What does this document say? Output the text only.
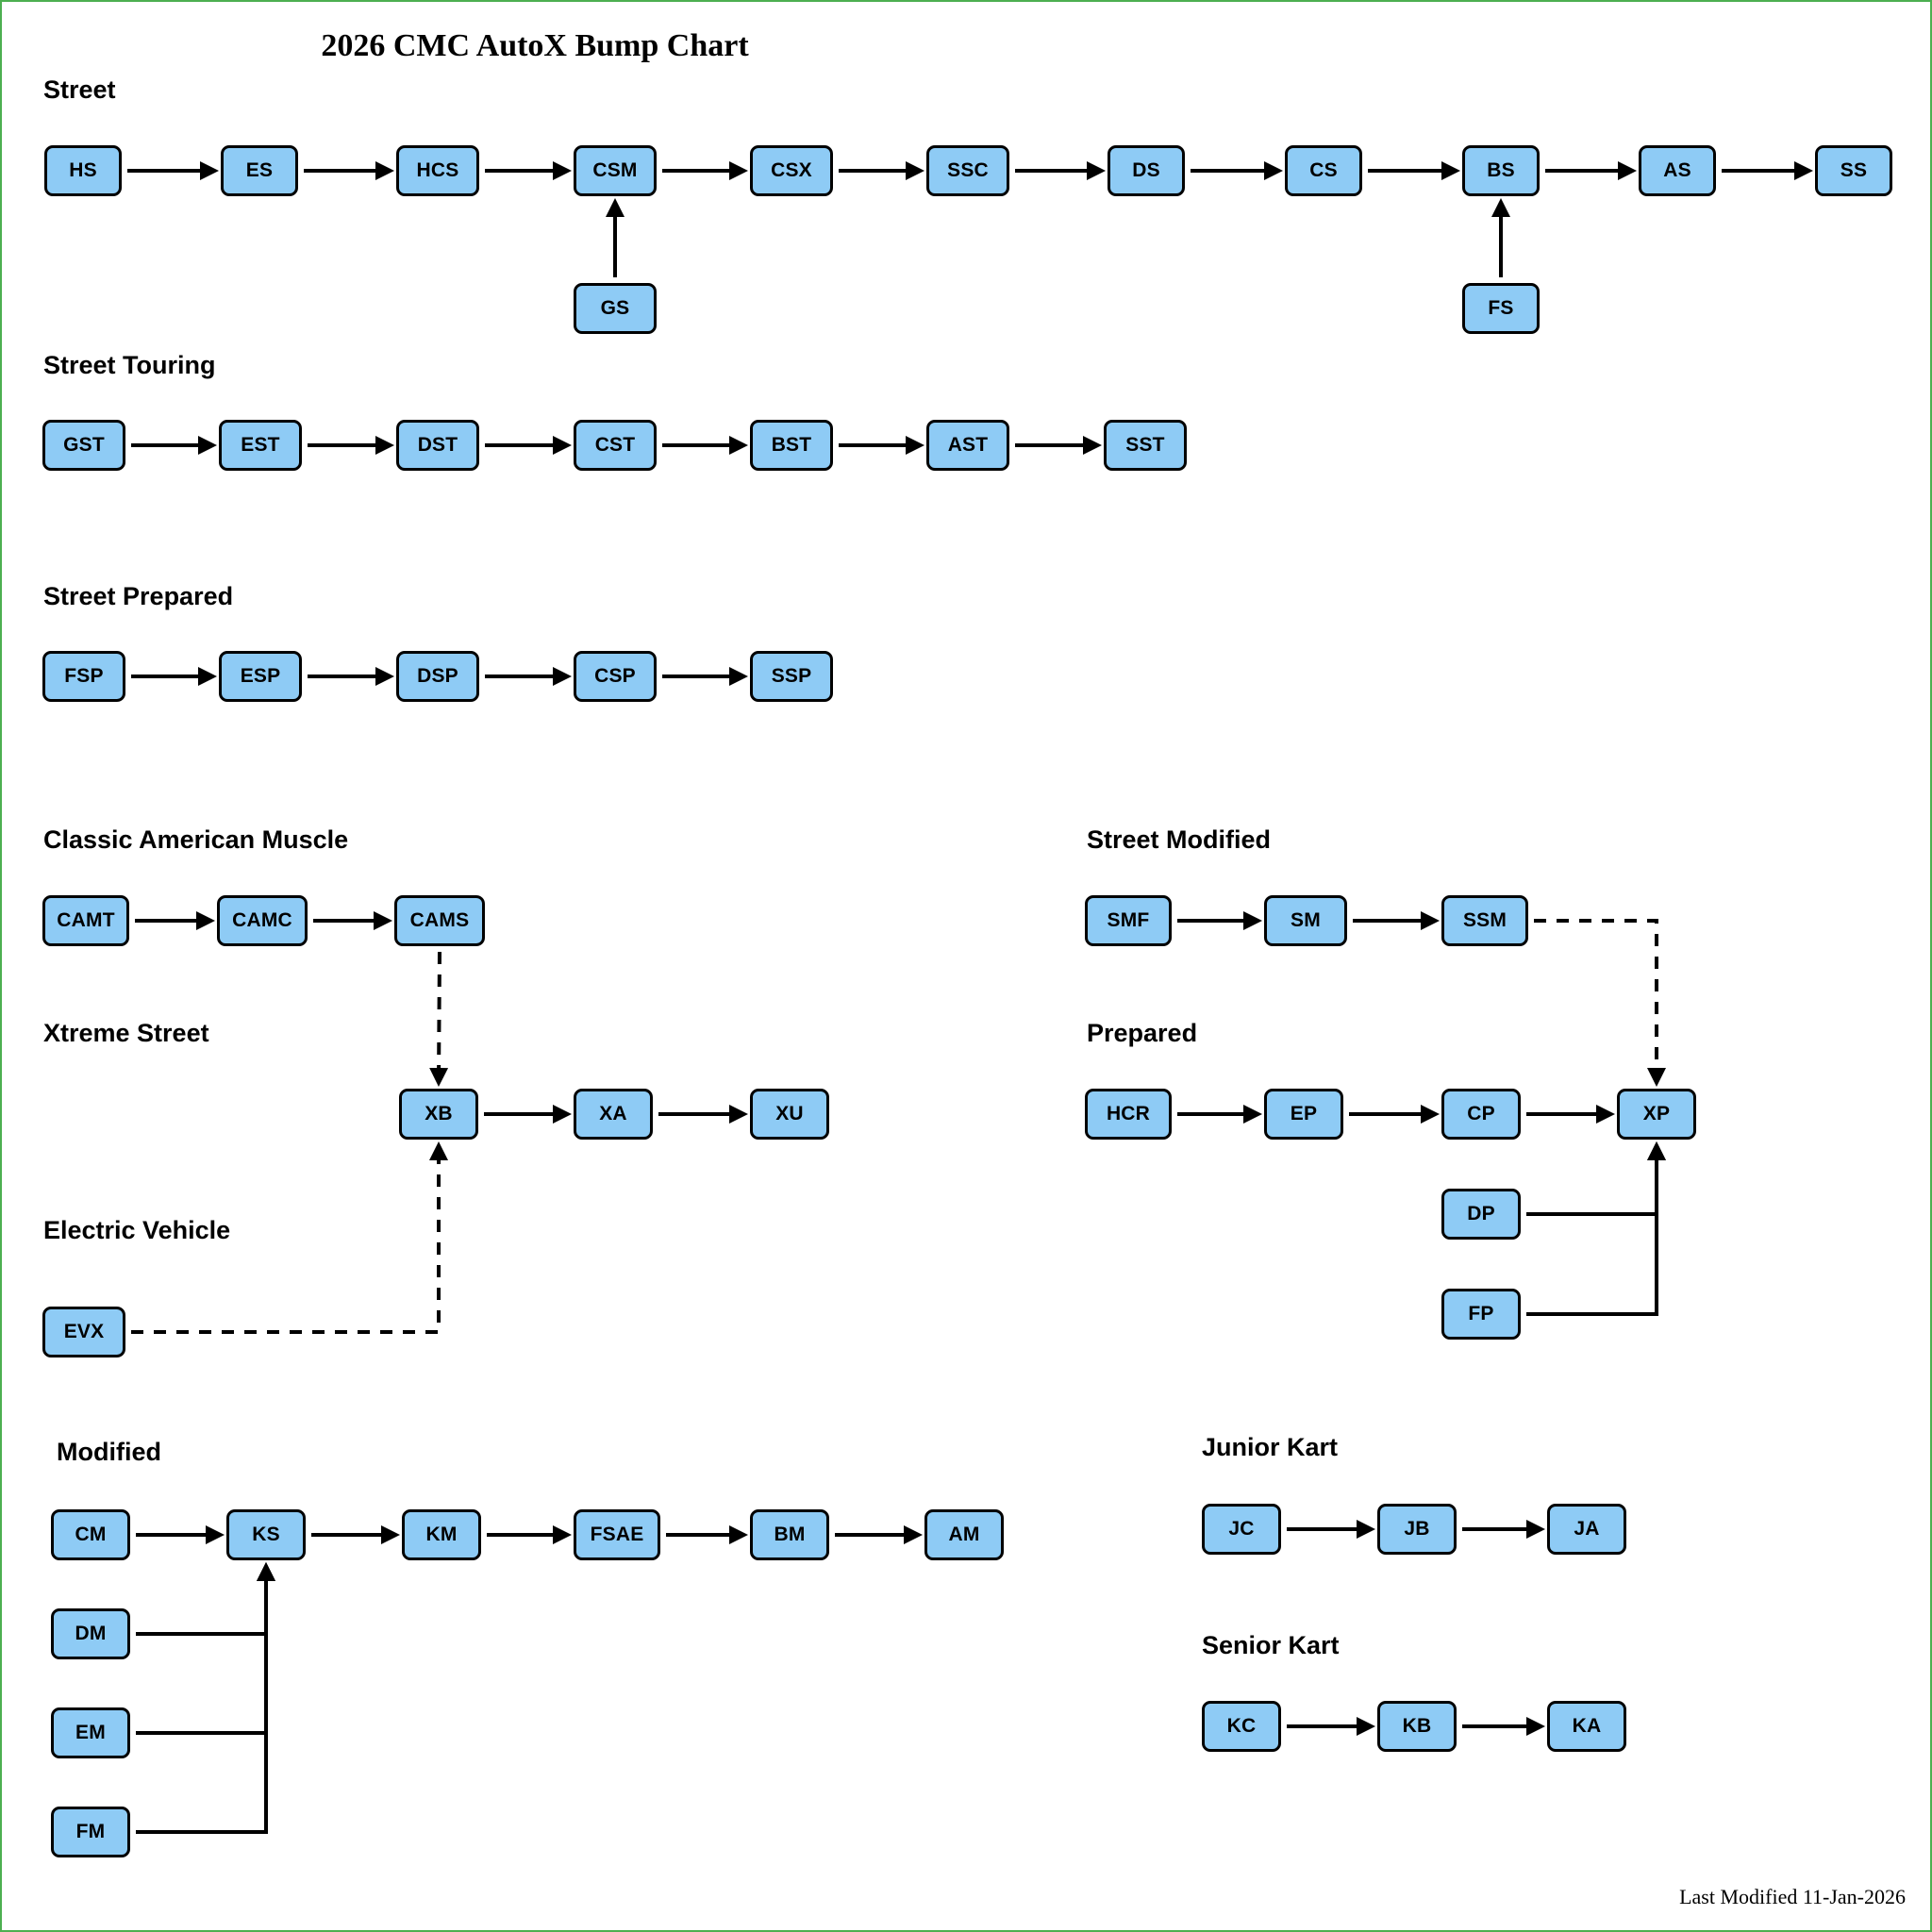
2026 CMC AutoX Bump Chart
Street
Street Touring
Street Prepared
Classic American Muscle
Xtreme Street
Electric Vehicle
Street Modified
Prepared
Modified	Junior Kart
Senior Kart
HS	ES	HCS	CSM	CSX	SSC	DS	CS	BS	AS	SS
GS	FS
GST	EST	DST	CST	BST	AST	SST
FSP	ESP	DSP	CSP	SSP
CAMT	CAMC	CAMS
XB	XA	XU
EVX
SMF	SM	SSM
HCR	EP	CP	XP
DP
FP
CM	KS	KM	FSAE	BM	AM
DM
EM
FM
JC	JB	JA
KC	KB	KA
Last Modified 11-Jan-2026
